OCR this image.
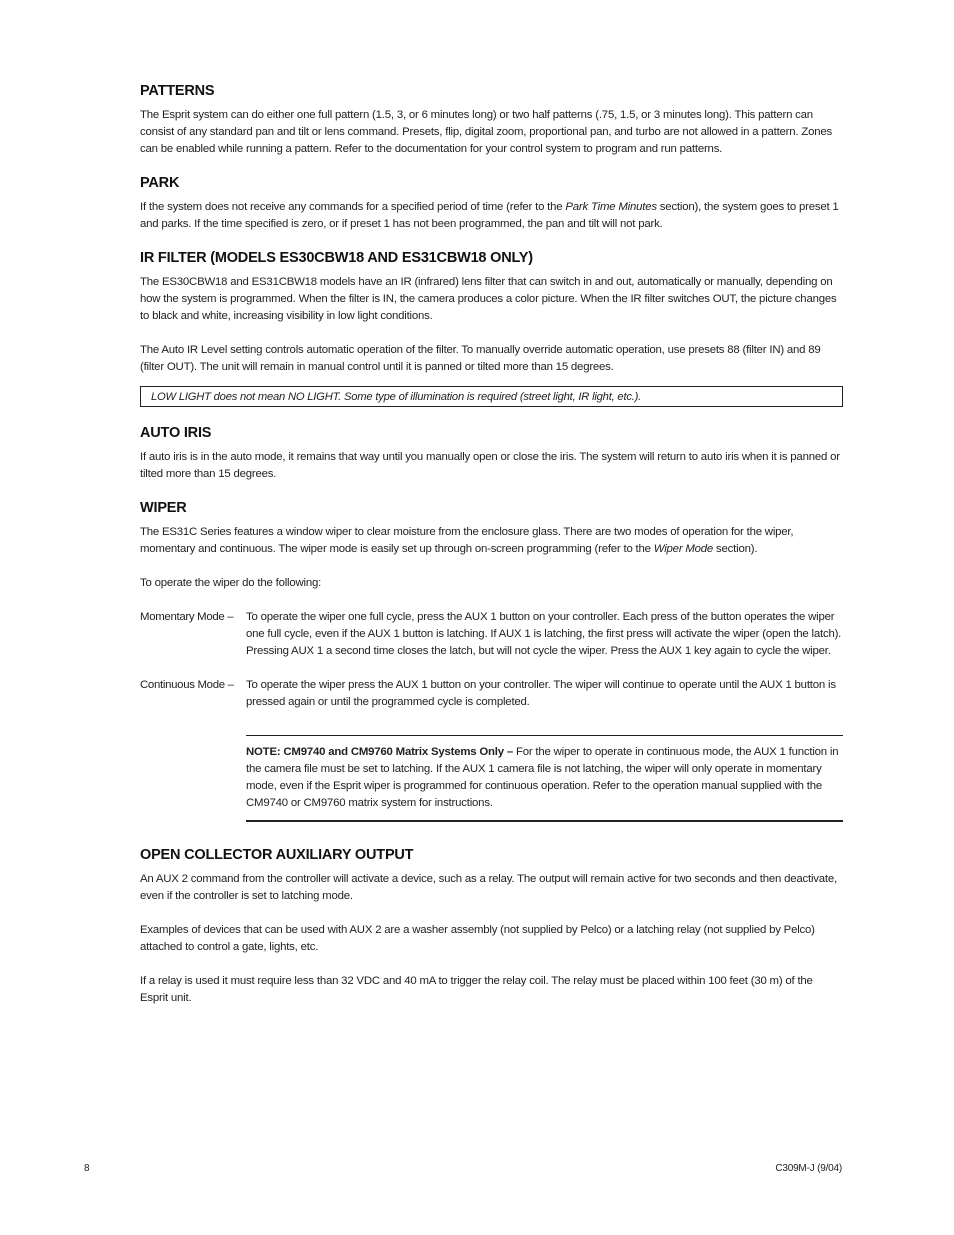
PATTERNS

The Esprit system can do either one full pattern (1.5, 3, or 6 minutes long) or two half patterns (.75, 1.5, or 3 minutes long). This pattern can consist of any standard pan and tilt or lens command. Presets, flip, digital zoom, proportional pan, and turbo are not allowed in a pattern. Zones can be enabled while running a pattern. Refer to the documentation for your control system to program and run patterns.

PARK

If the system does not receive any commands for a specified period of time (refer to the Park Time Minutes section), the system goes to preset 1 and parks. If the time specified is zero, or if preset 1 has not been programmed, the pan and tilt will not park.

IR FILTER (MODELS ES30CBW18 AND ES31CBW18 ONLY)

The ES30CBW18 and ES31CBW18 models have an IR (infrared) lens filter that can switch in and out, automatically or manually, depending on how the system is programmed. When the filter is IN, the camera produces a color picture. When the IR filter switches OUT, the picture changes to black and white, increasing visibility in low light conditions.

The Auto IR Level setting controls automatic operation of the filter. To manually override automatic operation, use presets 88 (filter IN) and 89 (filter OUT). The unit will remain in manual control until it is panned or tilted more than 15 degrees.

LOW LIGHT does not mean NO LIGHT. Some type of illumination is required (street light, IR light, etc.).
AUTO IRIS

If auto iris is in the auto mode, it remains that way until you manually open or close the iris. The system will return to auto iris when it is panned or tilted more than 15 degrees.

WIPER

The ES31C Series features a window wiper to clear moisture from the enclosure glass. There are two modes of operation for the wiper, momentary and continuous. The wiper mode is easily set up through on-screen programming (refer to the Wiper Mode section).

To operate the wiper do the following:

Momentary Mode –	To operate the wiper one full cycle, press the AUX 1 button on your controller. Each press of the button operates the wiper one full cycle, even if the AUX 1 button is latching. If AUX 1 is latching, the first press will activate the wiper (open the latch). Pressing AUX 1 a second time closes the latch, but will not cycle the wiper. Press the AUX 1 key again to cycle the wiper.

Continuous Mode –	To operate the wiper press the AUX 1 button on your controller. The wiper will continue to operate until the AUX 1 button is pressed again or until the programmed cycle is completed.

NOTE: CM9740 and CM9760 Matrix Systems Only – For the wiper to operate in continuous mode, the AUX 1 function in the camera file must be set to latching. If the AUX 1 camera file is not latching, the wiper will only operate in momentary mode, even if the Esprit wiper is programmed for continuous operation. Refer to the operation manual supplied with the CM9740 or CM9760 matrix system for instructions.

OPEN COLLECTOR AUXILIARY OUTPUT

An AUX 2 command from the controller will activate a device, such as a relay. The output will remain active for two seconds and then deactivate, even if the controller is set to latching mode.

Examples of devices that can be used with AUX 2 are a washer assembly (not supplied by Pelco) or a latching relay (not supplied by Pelco) attached to control a gate, lights, etc.

If a relay is used it must require less than 32 VDC and 40 mA to trigger the relay coil. The relay must be placed within 100 feet (30 m) of the Esprit unit.

8	C309M-J (9/04)
